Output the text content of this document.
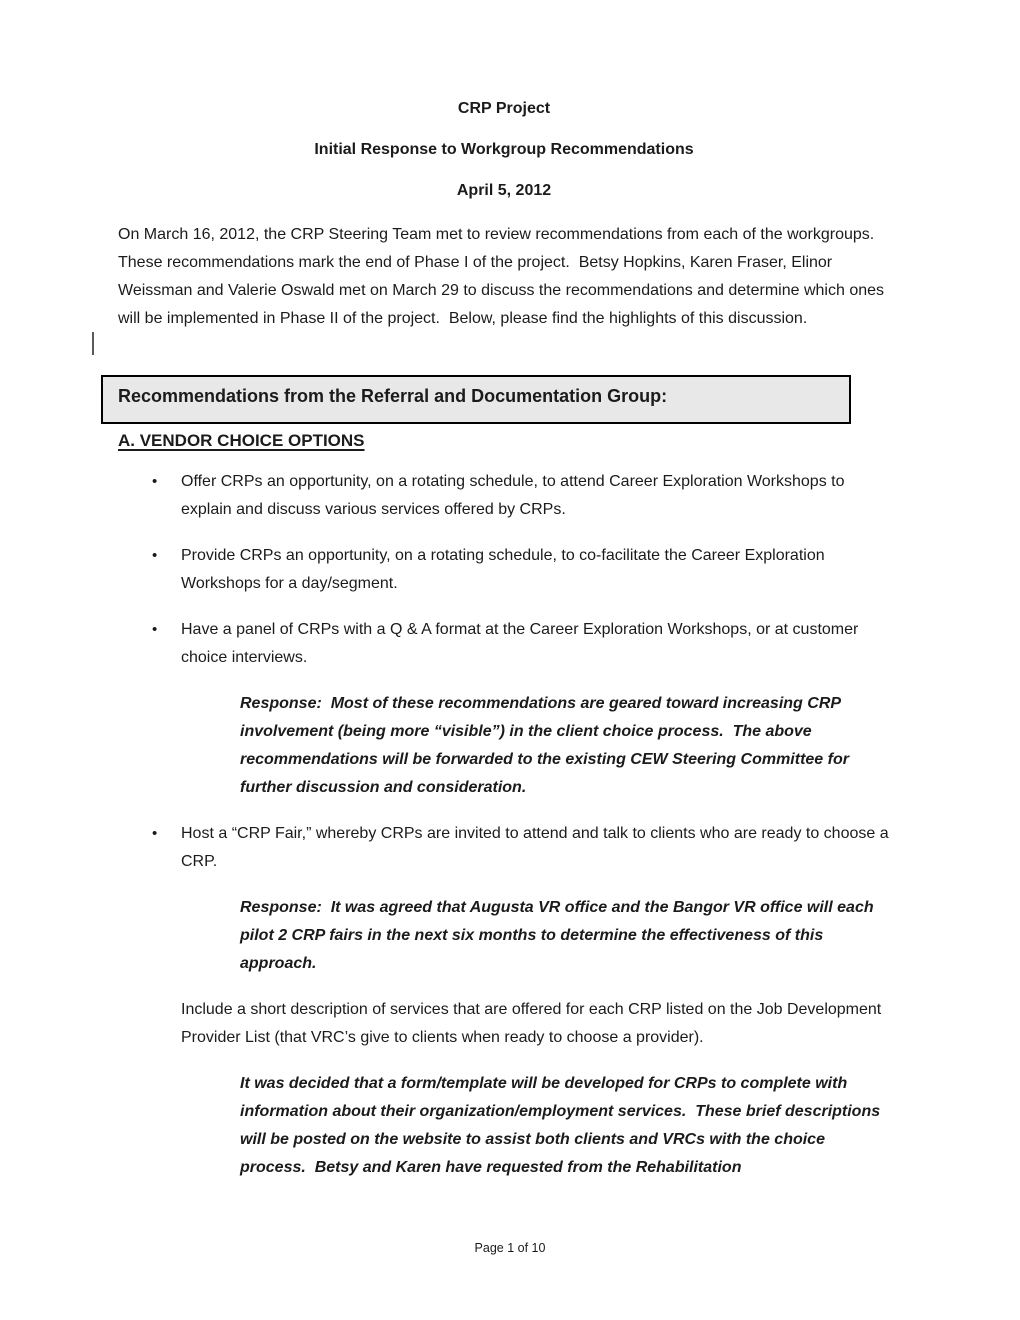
CRP Project
Initial Response to Workgroup Recommendations
April 5, 2012
On March 16, 2012, the CRP Steering Team met to review recommendations from each of the workgroups.  These recommendations mark the end of Phase I of the project.  Betsy Hopkins, Karen Fraser, Elinor Weissman and Valerie Oswald met on March 29 to discuss the recommendations and determine which ones will be implemented in Phase II of the project.  Below, please find the highlights of this discussion.
Recommendations from the Referral and Documentation Group:
A. VENDOR CHOICE OPTIONS
•	Offer CRPs an opportunity, on a rotating schedule, to attend Career Exploration Workshops to explain and discuss various services offered by CRPs.
•	Provide CRPs an opportunity, on a rotating schedule, to co-facilitate the Career Exploration Workshops for a day/segment.
•	Have a panel of CRPs with a Q & A format at the Career Exploration Workshops, or at customer choice interviews.
Response:  Most of these recommendations are geared toward increasing CRP involvement (being more “visible”) in the client choice process.  The above recommendations will be forwarded to the existing CEW Steering Committee for further discussion and consideration.
•	Host a “CRP Fair,” whereby CRPs are invited to attend and talk to clients who are ready to choose a CRP.
Response:  It was agreed that Augusta VR office and the Bangor VR office will each pilot 2 CRP fairs in the next six months to determine the effectiveness of this approach.
Include a short description of services that are offered for each CRP listed on the Job Development Provider List (that VRC’s give to clients when ready to choose a provider).
It was decided that a form/template will be developed for CRPs to complete with information about their organization/employment services.  These brief descriptions will be posted on the website to assist both clients and VRCs with the choice process.  Betsy and Karen have requested from the Rehabilitation
Page 1 of 10
